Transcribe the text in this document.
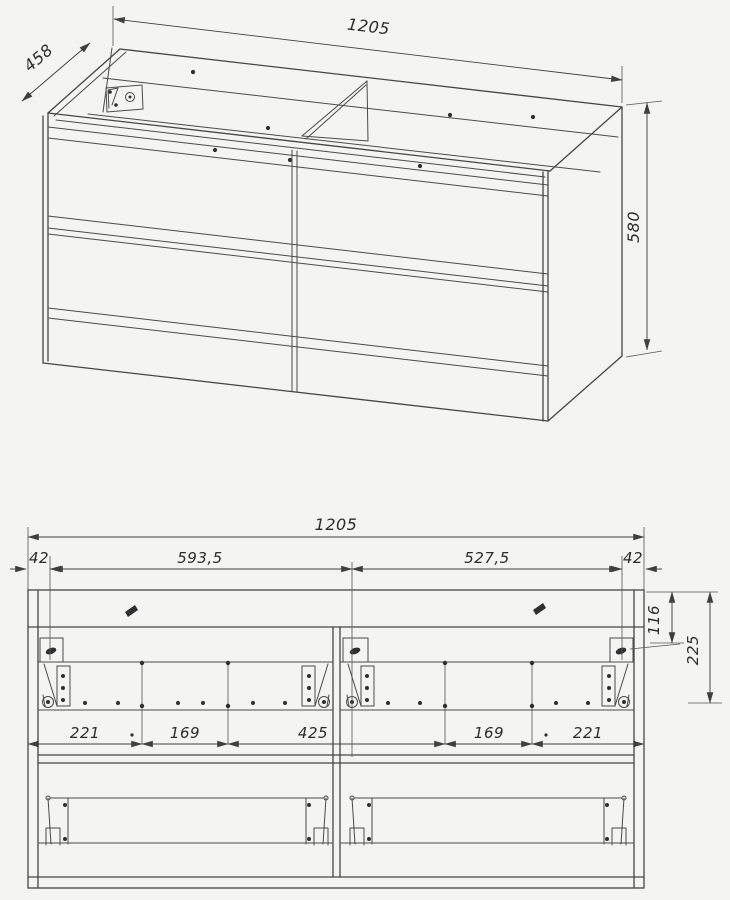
1205
458
580
1205
42	593,5	527,5	42
221	169	425	169	221
116
225
